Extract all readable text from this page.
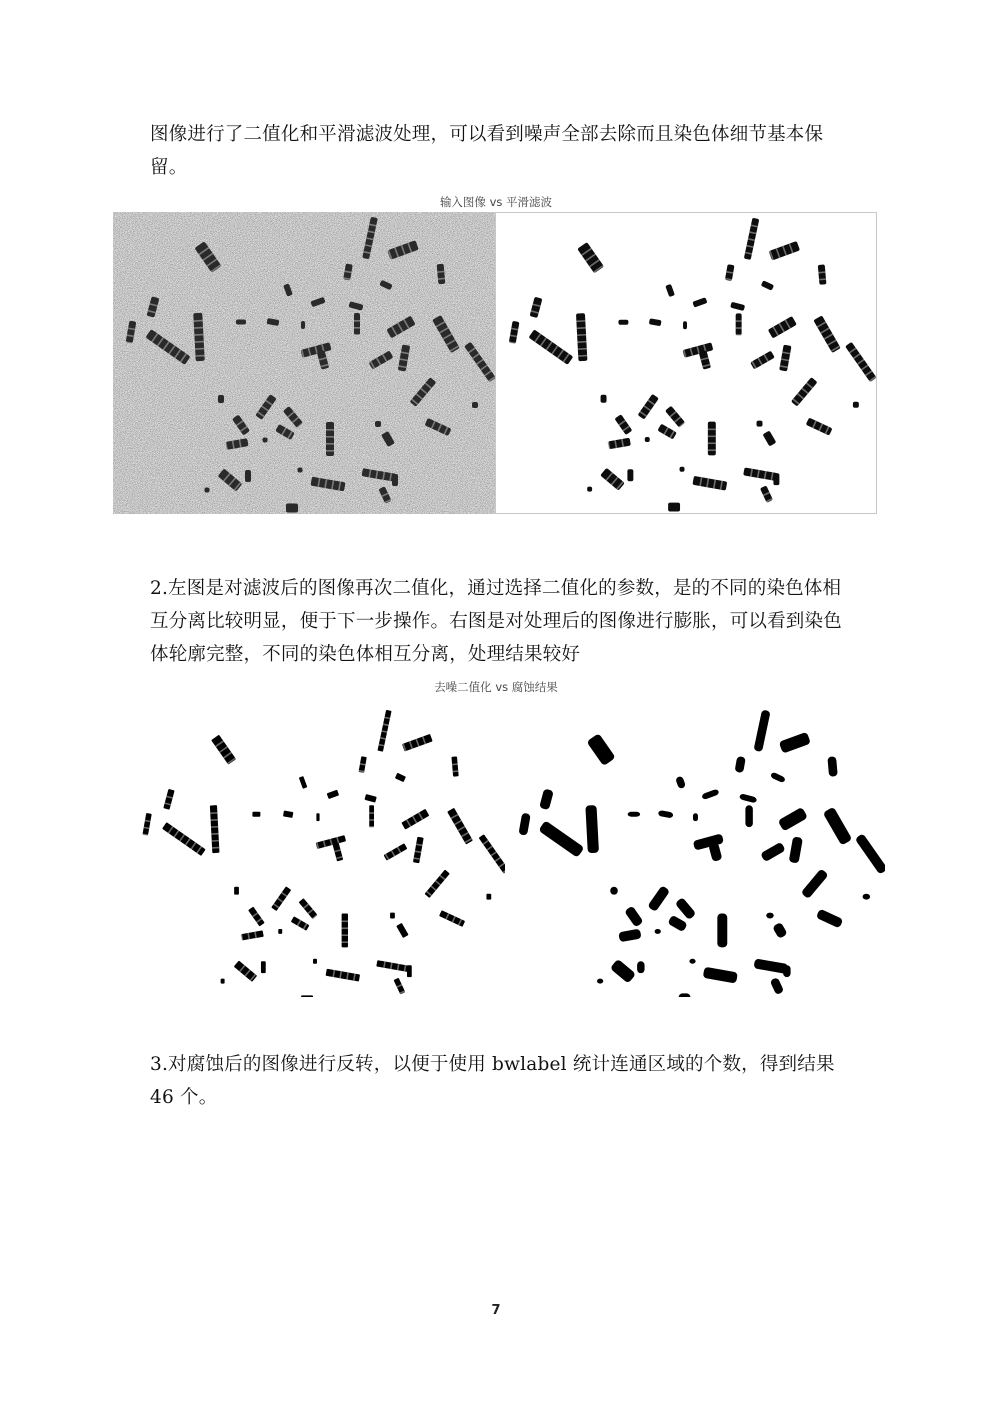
图像进行了二值化和平滑滤波处理，可以看到噪声全部去除而且染色体细节基本保留。

输入图像 vs 平滑滤波

2.左图是对滤波后的图像再次二值化，通过选择二值化的参数，是的不同的染色体相互分离比较明显，便于下一步操作。右图是对处理后的图像进行膨胀，可以看到染色体轮廓完整，不同的染色体相互分离，处理结果较好

去噪二值化 vs 腐蚀结果

3.对腐蚀后的图像进行反转，以便于使用 bwlabel 统计连通区域的个数，得到结果 46 个。

7
